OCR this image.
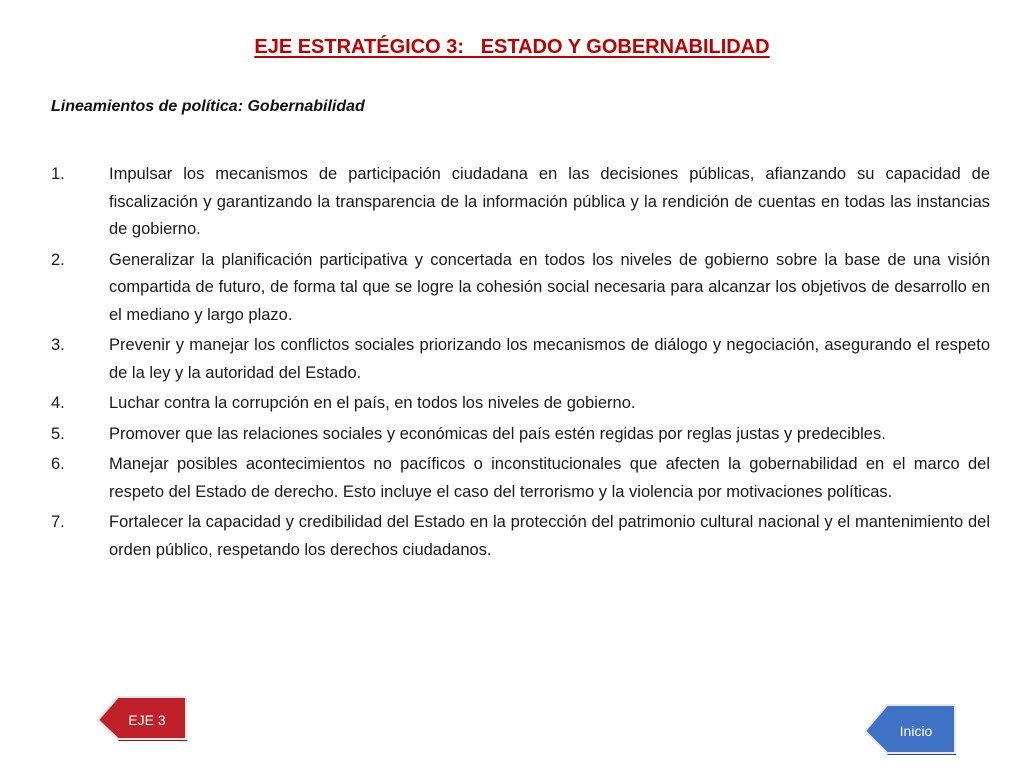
EJE ESTRATÉGICO 3:   ESTADO Y GOBERNABILIDAD
Lineamientos de política: Gobernabilidad
1.	Impulsar los mecanismos de participación ciudadana en las decisiones públicas, afianzando su capacidad de fiscalización y garantizando la transparencia de la información pública y la rendición de cuentas en todas las instancias de gobierno.
2.	Generalizar la planificación participativa y concertada en todos los niveles de gobierno sobre la base de una visión compartida de futuro, de forma tal que se logre la cohesión social necesaria para alcanzar los objetivos de desarrollo en el mediano y largo plazo.
3.	Prevenir y manejar los conflictos sociales priorizando los mecanismos de diálogo y negociación, asegurando el respeto de la ley y la autoridad del Estado.
4.	Luchar contra la corrupción en el país, en todos los niveles de gobierno.
5.	Promover que las relaciones sociales y económicas del país estén regidas por reglas justas y predecibles.
6.	Manejar posibles acontecimientos no pacíficos o inconstitucionales que afecten la gobernabilidad en el marco del respeto del Estado de derecho. Esto incluye el caso del terrorismo y la violencia por motivaciones políticas.
7.	Fortalecer la capacidad y credibilidad del Estado en la protección del patrimonio cultural nacional y el mantenimiento del orden público, respetando los derechos ciudadanos.
EJE 3
Inicio
